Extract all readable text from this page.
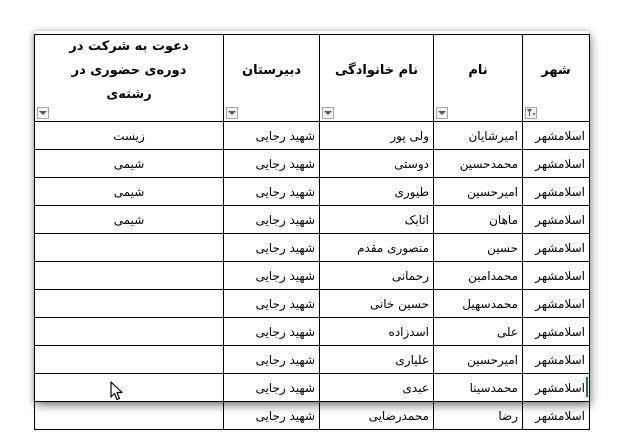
شهر	نام	نام خانوادگی	دبیرستان	دعوت به شرکت در دوره‌ی حضوری در رشته‌ی

اسلامشهر	امیرشایان	ولی پور	شهید رجایی	زیست
اسلامشهر	محمدحسین	دوستی	شهید رجایی	شیمی
اسلامشهر	امیرحسین	طیوری	شهید رجایی	شیمی
اسلامشهر	ماهان	اتابک	شهید رجایی	شیمی
اسلامشهر	حسین	منصوری مقدم	شهید رجایی	
اسلامشهر	محمدامین	رحمانی	شهید رجایی	
اسلامشهر	محمدسهیل	حسین خانی	شهید رجایی	
اسلامشهر	علی	اسدزاده	شهید رجایی	
اسلامشهر	امیرحسین	علیاری	شهید رجایی	
اسلامشهر	محمدسینا	عبدی	شهید رجایی	
اسلامشهر	رضا	محمدرضایی	شهید رجایی	
